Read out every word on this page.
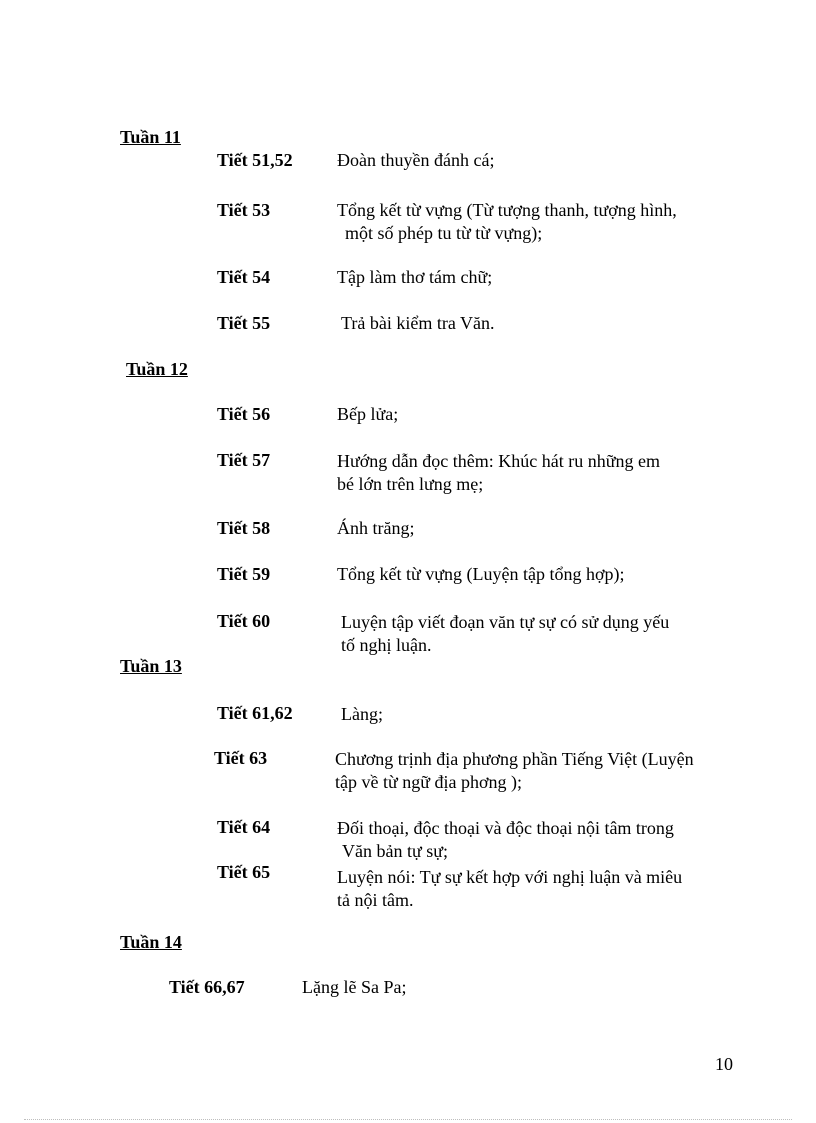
Tuần 11
Tiết 51,52 Đoàn thuyền đánh cá;
Tiết 53	Tổng kết từ vựng (Từ tượng thanh, tượng hình,
một số phép tu từ từ vựng);
Tiết 54	Tập làm thơ tám chữ;
Tiết 55	Trả bài kiểm tra Văn.
Tuần 12
Tiết 56	Bếp lửa;
Tiết 57	Hướng dẫn đọc thêm: Khúc hát ru những em
bé lớn trên lưng mẹ;
Tiết 58	Ánh trăng;
Tiết 59	Tổng kết từ vựng (Luyện tập tổng hợp);
Tiết 60	Luyện tập viết đoạn văn tự sự có sử dụng yếu
tố nghị luận.
Tuần 13
Tiết 61,62	Làng;
Tiết 63	Chương trịnh địa phương phần Tiếng Việt (Luyện
tập về từ ngữ địa phơng );
Tiết 64	Đối thoại, độc thoại và độc thoại nội tâm trong
Văn bản tự sự;
Tiết 65	Luyện nói: Tự sự kết hợp với nghị luận và miêu
tả nội tâm.
Tuần 14
Tiết 66,67	Lặng lẽ Sa Pa;
10
